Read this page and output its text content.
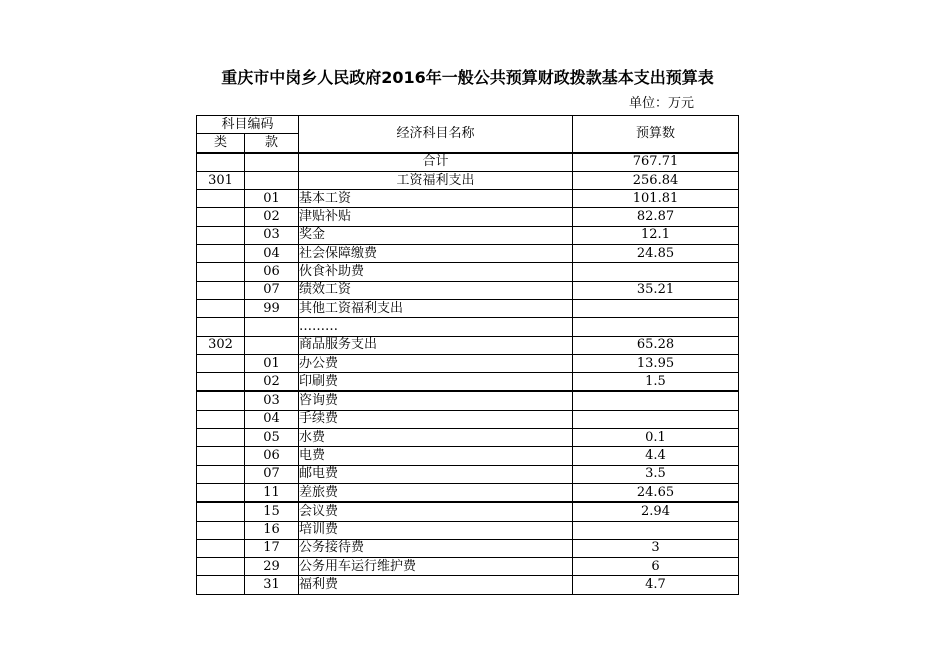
重庆市中岗乡人民政府2016年一般公共预算财政拨款基本支出预算表
单位：万元
科目编码		经济科目名称	预算数
类	款		
		合计	767.71
301		工资福利支出	256.84
	01	基本工资	101.81
	02	津贴补贴	82.87
	03	奖金	12.1
	04	社会保障缴费	24.85
	06	伙食补助费	
	07	绩效工资	35.21
	99	其他工资福利支出	
		………	
302		商品服务支出	65.28
	01	办公费	13.95
	02	印刷费	1.5
	03	咨询费	
	04	手续费	
	05	水费	0.1
	06	电费	4.4
	07	邮电费	3.5
	11	差旅费	24.65
	15	会议费	2.94
	16	培训费	
	17	公务接待费	3
	29	公务用车运行维护费	6
	31	福利费	4.7
